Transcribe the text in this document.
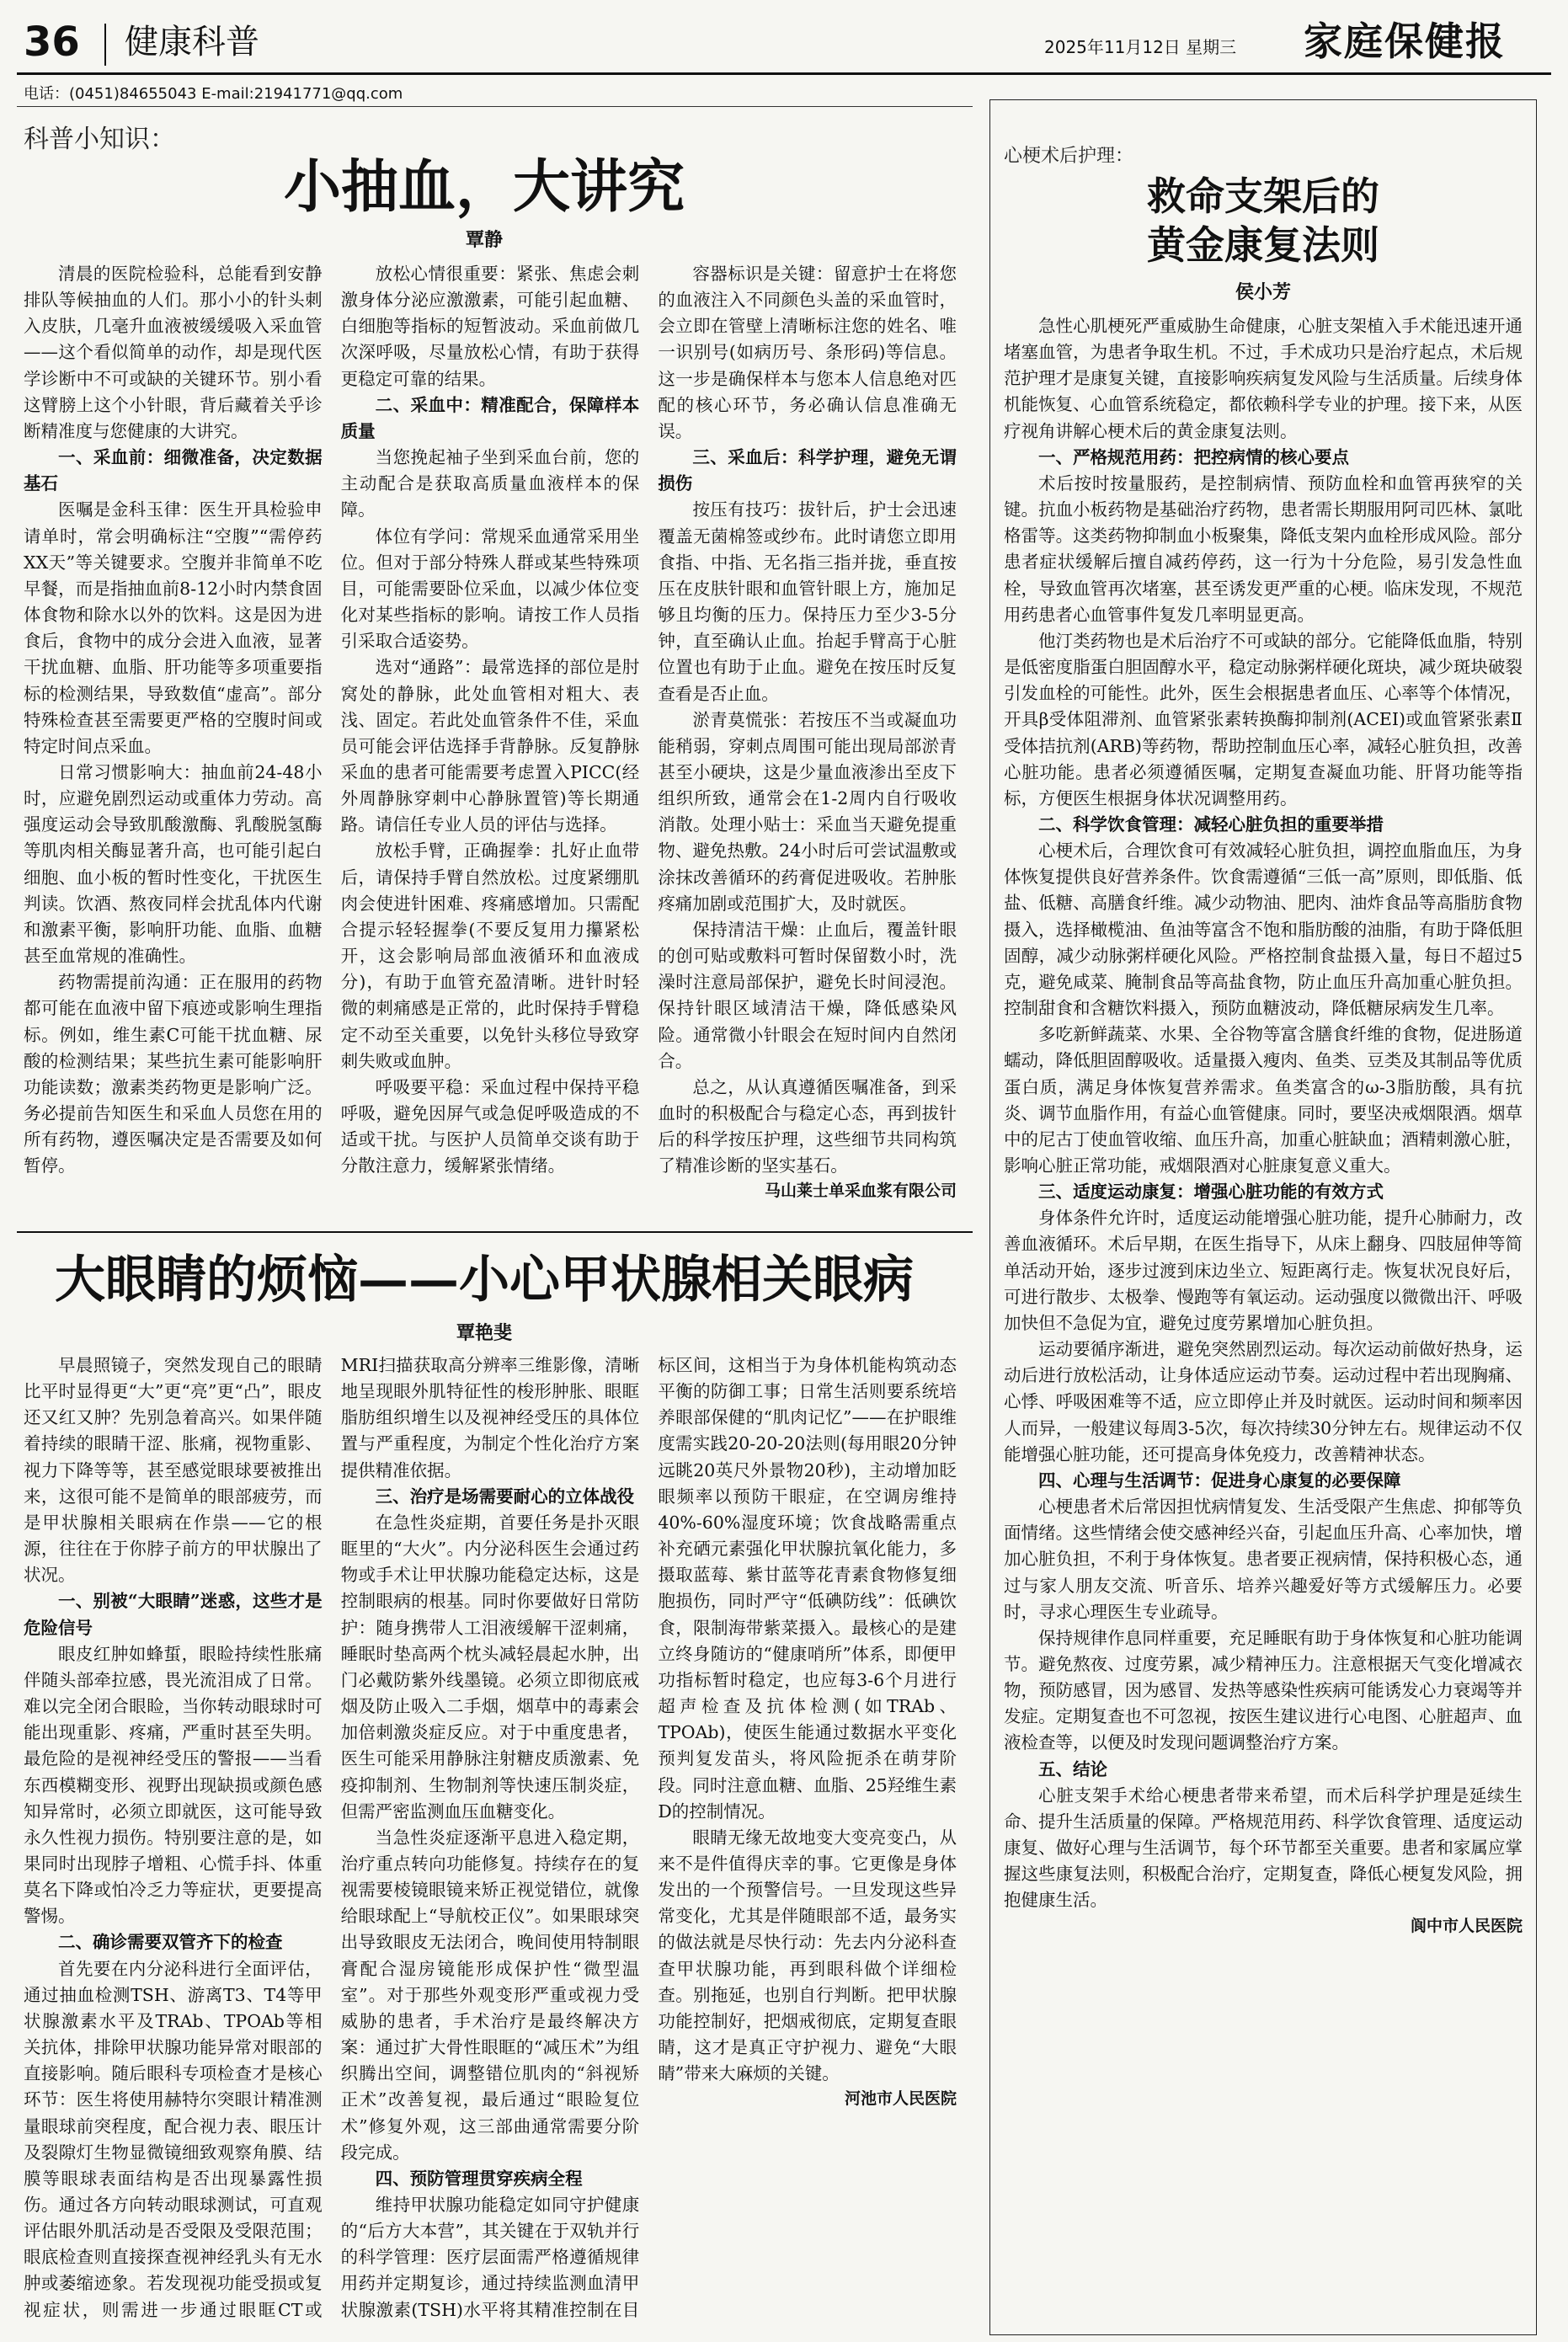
36 健康科普	2025年11月12日 星期三 家庭保健报
电话：(0451)84655043 E-mail:21941771@qq.com
科普小知识：
小抽血，大讲究
覃静

清晨的医院检验科，总能看到安静排队等候抽血的人们。那小小的针头刺入皮肤，几毫升血液被缓缓吸入采血管——这个看似简单的动作，却是现代医学诊断中不可或缺的关键环节。别小看这臂膀上这个小针眼，背后藏着关乎诊断精准度与您健康的大讲究。

一、采血前：细微准备，决定数据基石

医嘱是金科玉律：医生开具检验申请单时，常会明确标注“空腹”“需停药XX天”等关键要求。空腹并非简单不吃早餐，而是指抽血前8-12小时内禁食固体食物和除水以外的饮料。这是因为进食后，食物中的成分会进入血液，显著干扰血糖、血脂、肝功能等多项重要指标的检测结果，导致数值“虚高”。部分特殊检查甚至需要更严格的空腹时间或特定时间点采血。

日常习惯影响大：抽血前24-48小时，应避免剧烈运动或重体力劳动。高强度运动会导致肌酸激酶、乳酸脱氢酶等肌肉相关酶显著升高，也可能引起白细胞、血小板的暂时性变化，干扰医生判读。饮酒、熬夜同样会扰乱体内代谢和激素平衡，影响肝功能、血脂、血糖甚至血常规的准确性。

药物需提前沟通：正在服用的药物都可能在血液中留下痕迹或影响生理指标。例如，维生素C可能干扰血糖、尿酸的检测结果；某些抗生素可能影响肝功能读数；激素类药物更是影响广泛。务必提前告知医生和采血人员您在用的所有药物，遵医嘱决定是否需要及如何暂停。

放松心情很重要：紧张、焦虑会刺激身体分泌应激激素，可能引起血糖、白细胞等指标的短暂波动。采血前做几次深呼吸，尽量放松心情，有助于获得更稳定可靠的结果。

二、采血中：精准配合，保障样本质量

当您挽起袖子坐到采血台前，您的主动配合是获取高质量血液样本的保障。

体位有学问：常规采血通常采用坐位。但对于部分特殊人群或某些特殊项目，可能需要卧位采血，以减少体位变化对某些指标的影响。请按工作人员指引采取合适姿势。

选对“通路”：最常选择的部位是肘窝处的静脉，此处血管相对粗大、表浅、固定。若此处血管条件不佳，采血员可能会评估选择手背静脉。反复静脉采血的患者可能需要考虑置入PICC(经外周静脉穿刺中心静脉置管)等长期通路。请信任专业人员的评估与选择。

放松手臂，正确握拳：扎好止血带后，请保持手臂自然放松。过度紧绷肌肉会使进针困难、疼痛感增加。只需配合提示轻轻握拳(不要反复用力攥紧松开，这会影响局部血液循环和血液成分)，有助于血管充盈清晰。进针时轻微的刺痛感是正常的，此时保持手臂稳定不动至关重要，以免针头移位导致穿刺失败或血肿。

呼吸要平稳：采血过程中保持平稳呼吸，避免因屏气或急促呼吸造成的不适或干扰。与医护人员简单交谈有助于分散注意力，缓解紧张情绪。

容器标识是关键：留意护士在将您的血液注入不同颜色头盖的采血管时，会立即在管壁上清晰标注您的姓名、唯一识别号(如病历号、条形码)等信息。这一步是确保样本与您本人信息绝对匹配的核心环节，务必确认信息准确无误。

三、采血后：科学护理，避免无谓损伤

按压有技巧：拔针后，护士会迅速覆盖无菌棉签或纱布。此时请您立即用食指、中指、无名指三指并拢，垂直按压在皮肤针眼和血管针眼上方，施加足够且均衡的压力。保持压力至少3-5分钟，直至确认止血。抬起手臂高于心脏位置也有助于止血。避免在按压时反复查看是否止血。

淤青莫慌张：若按压不当或凝血功能稍弱，穿刺点周围可能出现局部淤青甚至小硬块，这是少量血液渗出至皮下组织所致，通常会在1-2周内自行吸收消散。处理小贴士：采血当天避免提重物、避免热敷。24小时后可尝试温敷或涂抹改善循环的药膏促进吸收。若肿胀疼痛加剧或范围扩大，及时就医。

保持清洁干燥：止血后，覆盖针眼的创可贴或敷料可暂时保留数小时，洗澡时注意局部保护，避免长时间浸泡。保持针眼区域清洁干燥，降低感染风险。通常微小针眼会在短时间内自然闭合。

总之，从认真遵循医嘱准备，到采血时的积极配合与稳定心态，再到拔针后的科学按压护理，这些细节共同构筑了精准诊断的坚实基石。

马山莱士单采血浆有限公司

大眼睛的烦恼——小心甲状腺相关眼病
覃艳斐

早晨照镜子，突然发现自己的眼睛比平时显得更“大”更“亮”更“凸”，眼皮还又红又肿？先别急着高兴。如果伴随着持续的眼睛干涩、胀痛，视物重影、视力下降等等，甚至感觉眼球要被推出来，这很可能不是简单的眼部疲劳，而是甲状腺相关眼病在作祟——它的根源，往往在于你脖子前方的甲状腺出了状况。

一、别被“大眼睛”迷惑，这些才是危险信号

眼皮红肿如蜂蜇，眼睑持续性胀痛伴随头部牵拉感，畏光流泪成了日常。难以完全闭合眼睑，当你转动眼球时可能出现重影、疼痛，严重时甚至失明。最危险的是视神经受压的警报——当看东西模糊变形、视野出现缺损或颜色感知异常时，必须立即就医，这可能导致永久性视力损伤。特别要注意的是，如果同时出现脖子增粗、心慌手抖、体重莫名下降或怕冷乏力等症状，更要提高警惕。

二、确诊需要双管齐下的检查

首先要在内分泌科进行全面评估，通过抽血检测TSH、游离T3、T4等甲状腺激素水平及TRAb、TPOAb等相关抗体，排除甲状腺功能异常对眼部的直接影响。随后眼科专项检查才是核心环节：医生将使用赫特尔突眼计精准测量眼球前突程度，配合视力表、眼压计及裂隙灯生物显微镜细致观察角膜、结膜等眼球表面结构是否出现暴露性损伤。通过各方向转动眼球测试，可直观评估眼外肌活动是否受限及受限范围；眼底检查则直接探查视神经乳头有无水肿或萎缩迹象。若发现视功能受损或复视症状，则需进一步通过眼眶CT或MRI扫描获取高分辨率三维影像，清晰地呈现眼外肌特征性的梭形肿胀、眼眶脂肪组织增生以及视神经受压的具体位置与严重程度，为制定个性化治疗方案提供精准依据。

三、治疗是场需要耐心的立体战役

在急性炎症期，首要任务是扑灭眼眶里的“大火”。内分泌科医生会通过药物或手术让甲状腺功能稳定达标，这是控制眼病的根基。同时你要做好日常防护：随身携带人工泪液缓解干涩刺痛，睡眠时垫高两个枕头减轻晨起水肿，出门必戴防紫外线墨镜。必须立即彻底戒烟及防止吸入二手烟，烟草中的毒素会加倍刺激炎症反应。对于中重度患者，医生可能采用静脉注射糖皮质激素、免疫抑制剂、生物制剂等快速压制炎症，但需严密监测血压血糖变化。

当急性炎症逐渐平息进入稳定期，治疗重点转向功能修复。持续存在的复视需要棱镜眼镜来矫正视觉错位，就像给眼球配上“导航校正仪”。如果眼球突出导致眼皮无法闭合，晚间使用特制眼膏配合湿房镜能形成保护性“微型温室”。对于那些外观变形严重或视力受威胁的患者，手术治疗是最终解决方案：通过扩大骨性眼眶的“减压术”为组织腾出空间，调整错位肌肉的“斜视矫正术”改善复视，最后通过“眼睑复位术”修复外观，这三部曲通常需要分阶段完成。

四、预防管理贯穿疾病全程

维持甲状腺功能稳定如同守护健康的“后方大本营”，其关键在于双轨并行的科学管理：医疗层面需严格遵循规律用药并定期复诊，通过持续监测血清甲状腺激素(TSH)水平将其精准控制在目标区间，这相当于为身体机能构筑动态平衡的防御工事；日常生活则要系统培养眼部保健的“肌肉记忆”——在护眼维度需实践20-20-20法则(每用眼20分钟远眺20英尺外景物20秒)，主动增加眨眼频率以预防干眼症，在空调房维持40%-60%湿度环境；饮食战略需重点补充硒元素强化甲状腺抗氧化能力，多摄取蓝莓、紫甘蓝等花青素食物修复细胞损伤，同时严守“低碘防线”：低碘饮食，限制海带紫菜摄入。最核心的是建立终身随访的“健康哨所”体系，即便甲功指标暂时稳定，也应每3-6个月进行超声检查及抗体检测(如TRAb、TPOAb)，使医生能通过数据水平变化预判复发苗头，将风险扼杀在萌芽阶段。同时注意血糖、血脂、25羟维生素D的控制情况。

眼睛无缘无故地变大变亮变凸，从来不是件值得庆幸的事。它更像是身体发出的一个预警信号。一旦发现这些异常变化，尤其是伴随眼部不适，最务实的做法就是尽快行动：先去内分泌科查查甲状腺功能，再到眼科做个详细检查。别拖延，也别自行判断。把甲状腺功能控制好，把烟戒彻底，定期复查眼睛，这才是真正守护视力、避免“大眼睛”带来大麻烦的关键。

河池市人民医院

心梗术后护理：
救命支架后的
黄金康复法则
侯小芳

急性心肌梗死严重威胁生命健康，心脏支架植入手术能迅速开通堵塞血管，为患者争取生机。不过，手术成功只是治疗起点，术后规范护理才是康复关键，直接影响疾病复发风险与生活质量。后续身体机能恢复、心血管系统稳定，都依赖科学专业的护理。接下来，从医疗视角讲解心梗术后的黄金康复法则。

一、严格规范用药：把控病情的核心要点

术后按时按量服药，是控制病情、预防血栓和血管再狭窄的关键。抗血小板药物是基础治疗药物，患者需长期服用阿司匹林、氯吡格雷等。这类药物抑制血小板聚集，降低支架内血栓形成风险。部分患者症状缓解后擅自减药停药，这一行为十分危险，易引发急性血栓，导致血管再次堵塞，甚至诱发更严重的心梗。临床发现，不规范用药患者心血管事件复发几率明显更高。

他汀类药物也是术后治疗不可或缺的部分。它能降低血脂，特别是低密度脂蛋白胆固醇水平，稳定动脉粥样硬化斑块，减少斑块破裂引发血栓的可能性。此外，医生会根据患者血压、心率等个体情况，开具β受体阻滞剂、血管紧张素转换酶抑制剂(ACEI)或血管紧张素Ⅱ受体拮抗剂(ARB)等药物，帮助控制血压心率，减轻心脏负担，改善心脏功能。患者必须遵循医嘱，定期复查凝血功能、肝肾功能等指标，方便医生根据身体状况调整用药。

二、科学饮食管理：减轻心脏负担的重要举措

心梗术后，合理饮食可有效减轻心脏负担，调控血脂血压，为身体恢复提供良好营养条件。饮食需遵循“三低一高”原则，即低脂、低盐、低糖、高膳食纤维。减少动物油、肥肉、油炸食品等高脂肪食物摄入，选择橄榄油、鱼油等富含不饱和脂肪酸的油脂，有助于降低胆固醇，减少动脉粥样硬化风险。严格控制食盐摄入量，每日不超过5克，避免咸菜、腌制食品等高盐食物，防止血压升高加重心脏负担。控制甜食和含糖饮料摄入，预防血糖波动，降低糖尿病发生几率。

多吃新鲜蔬菜、水果、全谷物等富含膳食纤维的食物，促进肠道蠕动，降低胆固醇吸收。适量摄入瘦肉、鱼类、豆类及其制品等优质蛋白质，满足身体恢复营养需求。鱼类富含的ω-3脂肪酸，具有抗炎、调节血脂作用，有益心血管健康。同时，要坚决戒烟限酒。烟草中的尼古丁使血管收缩、血压升高，加重心脏缺血；酒精刺激心脏，影响心脏正常功能，戒烟限酒对心脏康复意义重大。

三、适度运动康复：增强心脏功能的有效方式

身体条件允许时，适度运动能增强心脏功能，提升心肺耐力，改善血液循环。术后早期，在医生指导下，从床上翻身、四肢屈伸等简单活动开始，逐步过渡到床边坐立、短距离行走。恢复状况良好后，可进行散步、太极拳、慢跑等有氧运动。运动强度以微微出汗、呼吸加快但不急促为宜，避免过度劳累增加心脏负担。

运动要循序渐进，避免突然剧烈运动。每次运动前做好热身，运动后进行放松活动，让身体适应运动节奏。运动过程中若出现胸痛、心悸、呼吸困难等不适，应立即停止并及时就医。运动时间和频率因人而异，一般建议每周3-5次，每次持续30分钟左右。规律运动不仅能增强心脏功能，还可提高身体免疫力，改善精神状态。

四、心理与生活调节：促进身心康复的必要保障

心梗患者术后常因担忧病情复发、生活受限产生焦虑、抑郁等负面情绪。这些情绪会使交感神经兴奋，引起血压升高、心率加快，增加心脏负担，不利于身体恢复。患者要正视病情，保持积极心态，通过与家人朋友交流、听音乐、培养兴趣爱好等方式缓解压力。必要时，寻求心理医生专业疏导。

保持规律作息同样重要，充足睡眠有助于身体恢复和心脏功能调节。避免熬夜、过度劳累，减少精神压力。注意根据天气变化增减衣物，预防感冒，因为感冒、发热等感染性疾病可能诱发心力衰竭等并发症。定期复查也不可忽视，按医生建议进行心电图、心脏超声、血液检查等，以便及时发现问题调整治疗方案。

五、结论

心脏支架手术给心梗患者带来希望，而术后科学护理是延续生命、提升生活质量的保障。严格规范用药、科学饮食管理、适度运动康复、做好心理与生活调节，每个环节都至关重要。患者和家属应掌握这些康复法则，积极配合治疗，定期复查，降低心梗复发风险，拥抱健康生活。

阆中市人民医院
